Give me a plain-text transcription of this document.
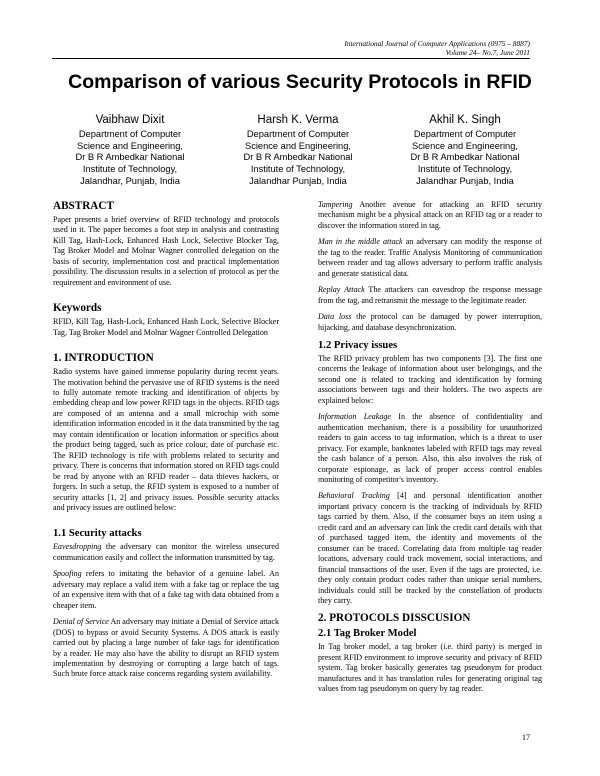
International Journal of Computer Applications (0975 – 8887)
Volume 24– No.7, June 2011
Comparison of various Security Protocols in RFID
Vaibhaw Dixit
Department of Computer
Science and Engineering,
Dr B R Ambedkar National
Institute of Technology,
Jalandhar, Punjab, India
Harsh K. Verma
Department of Computer
Science and Engineering,
Dr B R Ambedkar National
Institute of Technology,
Jalandhar Punjab, India
Akhil K. Singh
Department of Computer
Science and Engineering,
Dr B R Ambedkar National
Institute of Technology,
Jalandhar Punjab, India
ABSTRACT

Paper presents a brief overview of RFID technology and protocols used in it. The paper becomes a foot step in analysis and contrasting Kill Tag, Hash-Lock, Enhanced Hash Lock, Selective Blocker Tag, Tag Broker Model and Molnar Wagner controlled delegation on the basis of security, implementation cost and practical implementation possibility. The discussion results in a selection of protocol as per the requirement and environment of use.

Keywords

RFID, Kill Tag, Hash-Lock, Enhanced Hash Lock, Selective Blocker Tag, Tag Broker Model and Molnar Wagner Controlled Delegation

1. INTRODUCTION

Radio systems have gained immense popularity during recent years. The motivation behind the pervasive use of RFID systems is the need to fully automate remote tracking and identification of objects by embedding cheap and low power RFID tags in the objects. RFID tags are composed of an antenna and a small microchip with some identification information encoded in it the data transmitted by the tag may contain identification or location information or specifics about the product being tagged, such as price colour, date of purchase etc. The RFID technology is rife with problems related to security and privacy. There is concerns that information stored on RFID tags could be read by anyone with an RFID reader – data thieves hackers, or forgers. In such a setup, the RFID system is exposed to a number of security attacks [1, 2] and privacy issues. Possible security attacks and privacy issues are outlined below:

1.1 Security attacks

Eavesdropping the adversary can monitor the wireless unsecured communication easily and collect the information transmitted by tag.

Spoofing refers to imitating the behavior of a genuine label. An adversary may replace a valid item with a fake tag or replace the tag of an expensive item with that of a fake tag with data obtained from a cheaper item.

Denial of Service An adversary may initiate a Denial of Service attack (DOS) to bypass or avoid Security Systems. A DOS attack is easily carried out by placing a large number of fake tags for identification by a reader. He may also have the ability to disrupt an RFID system implementation by destroying or corrupting a large batch of tags. Such brute force attack raise concerns regarding system availability.

Tampering Another avenue for attacking an RFID security mechanism might be a physical attack on an RFID tag or a reader to discover the information stored in tag.

Man in the middle attack an adversary can modify the response of the tag to the reader. Traffic Analysis Monitoring of communication between reader and tag allows adversary to perform traffic analysis and generate statistical data.

Replay Attack The attackers can eavesdrop the response message from the tag, and retransmit the message to the legitimate reader.

Data loss the protocol can be damaged by power interruption, hijacking, and database desynchronization.

1.2 Privacy issues

The RFID privacy problem has two components [3]. The first one concerns the leakage of information about user belongings, and the second one is related to tracking and identification by forming associations between tags and their holders. The two aspects are explained below:

Information Leakage In the absence of confidentiality and authentication mechanism, there is a possibility for unauthorized readers to gain access to tag information, which is a threat to user privacy. For example, banknotes labeled with RFID tags may reveal the cash balance of a person. Also, this also involves the risk of corporate espionage, as lack of proper access control enables monitoring of competitor's inventory.

Behavioral Tracking [4] and personal identification another important privacy concern is the tracking of individuals by RFID tags carried by them. Also, if the consumer buys an item using a credit card and an adversary can link the credit card details with that of purchased tagged item, the identity and movements of the consumer can be traced. Correlating data from multiple tag reader locations, adversary could track movement, social interactions, and financial transactions of the user. Even if the tags are protected, i.e. they only contain product codes rather than unique serial numbers, individuals could still be tracked by the constellation of products they carry.

2. PROTOCOLS DISSCUSION
2.1 Tag Broker Model

In Tag broker model, a tag broker (i.e. third party) is merged in present RFID environment to improve security and privacy of RFID system. Tag broker basically generates tag pseudonym for product manufactures and it has translation rules for generating original tag values from tag pseudonym on query by tag reader.

17
